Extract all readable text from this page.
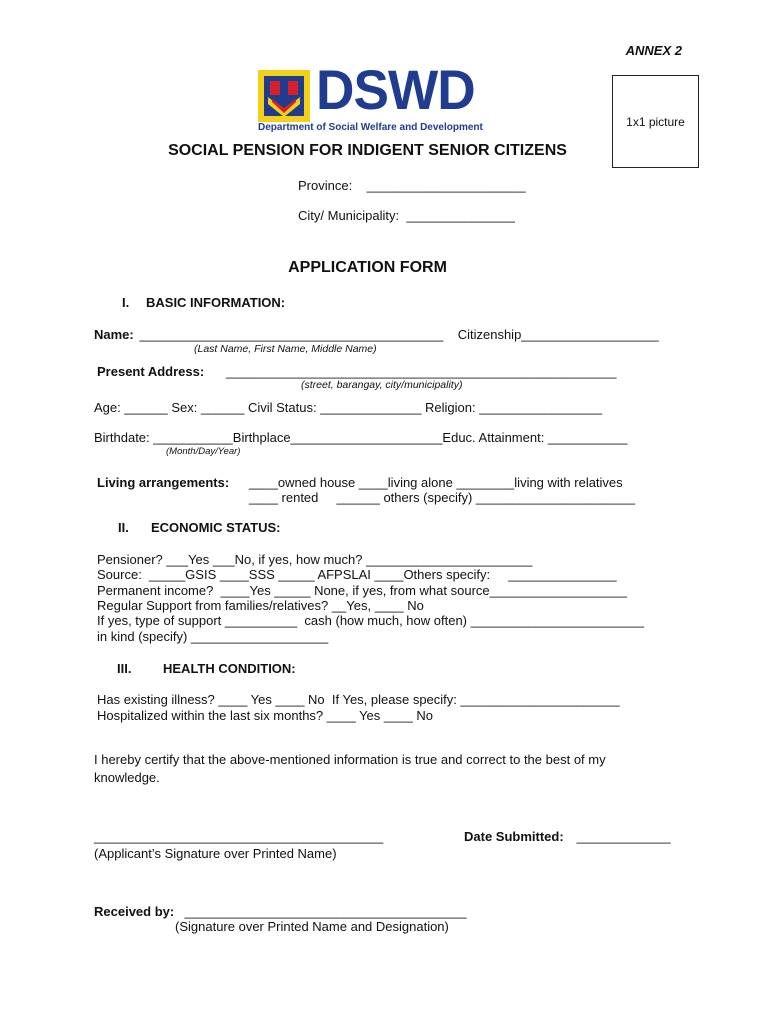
ANNEX 2
1x1 picture
DSWD
Department of Social Welfare and Development
SOCIAL PENSION FOR INDIGENT SENIOR CITIZENS
Province:    ______________________
City/ Municipality:  _______________
APPLICATION FORM
I. BASIC INFORMATION:
Name: __________________________________________    Citizenship___________________
(Last Name, First Name, Middle Name)
Present Address: ______________________________________________________
(street, barangay, city/municipality)
Age: ______ Sex: ______ Civil Status: ______________ Religion: _________________
Birthdate: ___________Birthplace_____________________Educ. Attainment: ___________
(Month/Day/Year)
Living arrangements: ____owned house ____living alone ________living with relatives
____ rented     ______ others (specify) ______________________
II. ECONOMIC STATUS:
Pensioner? ___Yes ___No, if yes, how much? _______________________
Source:  _____GSIS ____SSS _____ AFPSLAI ____Others specify:     _______________
Permanent income?  ____Yes _____ None, if yes, from what source___________________
Regular Support from families/relatives? __Yes, ____ No
If yes, type of support __________  cash (how much, how often) ________________________
in kind (specify) ___________________
III. HEALTH CONDITION:
Has existing illness? ____ Yes ____ No  If Yes, please specify: ______________________
Hospitalized within the last six months? ____ Yes ____ No
I hereby certify that the above-mentioned information is true and correct to the best of my
knowledge.
________________________________________
(Applicant’s Signature over Printed Name)
Date Submitted: _____________
Received by: _______________________________________
(Signature over Printed Name and Designation)
